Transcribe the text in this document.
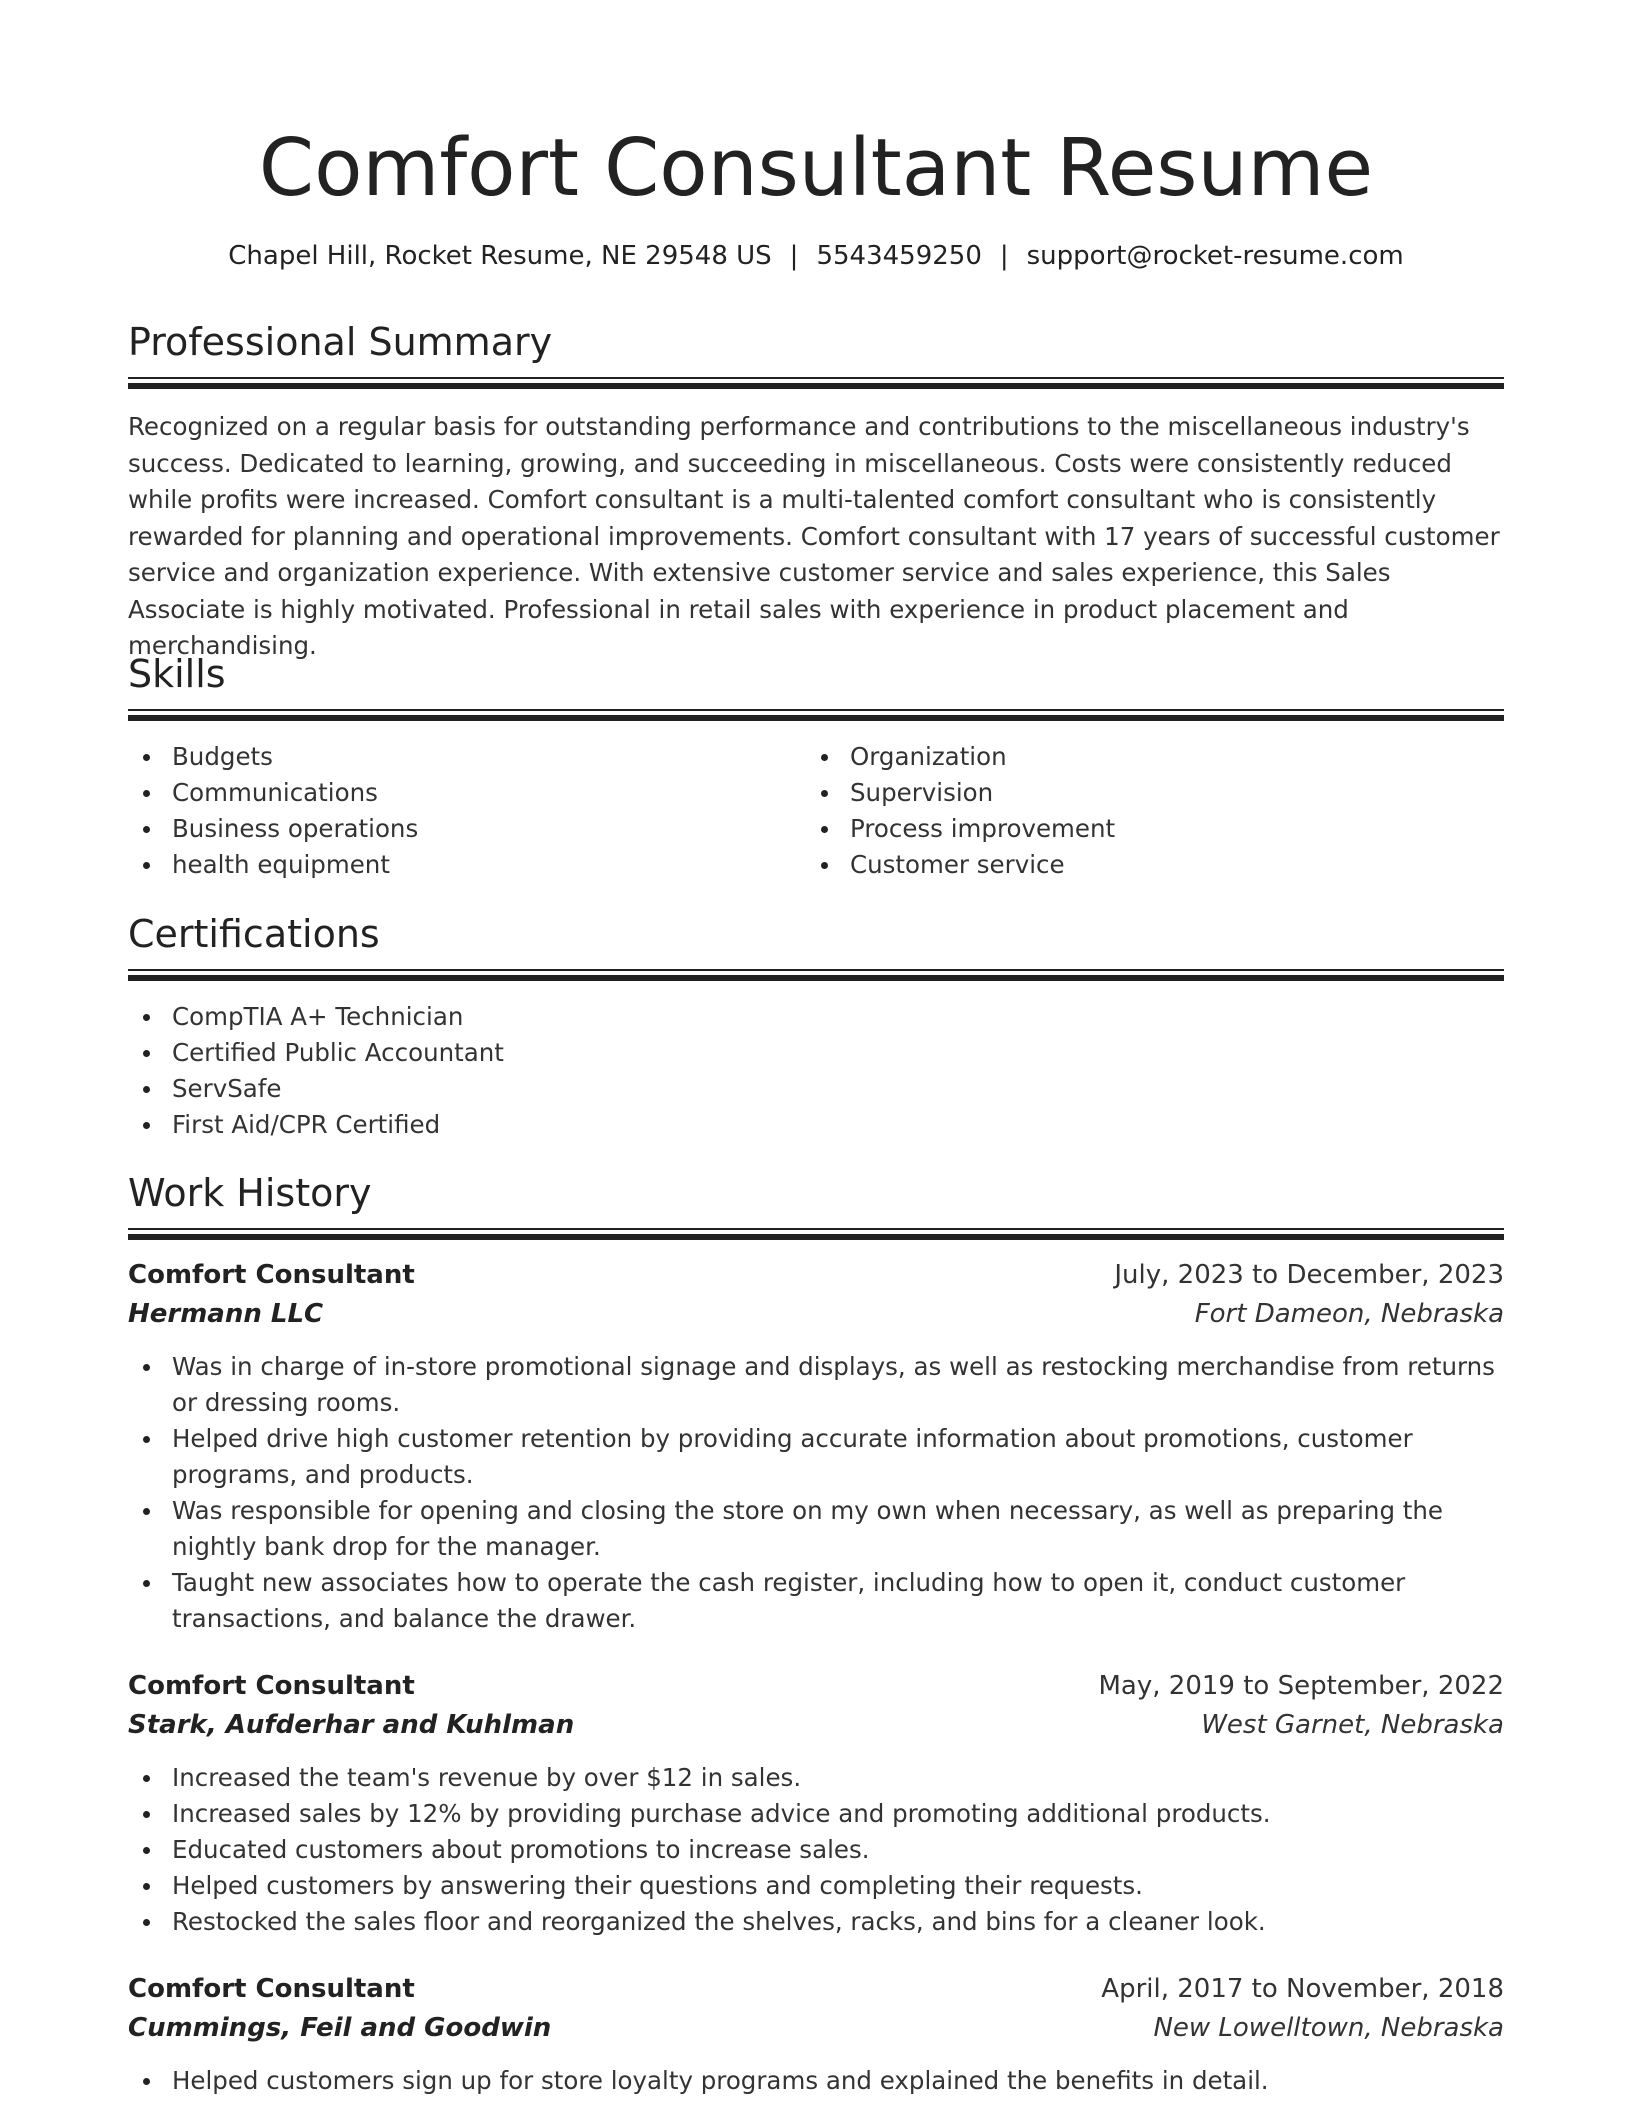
Comfort Consultant Resume
Chapel Hill, Rocket Resume, NE 29548 US | 5543459250 | support@rocket-resume.com
Professional Summary

Recognized on a regular basis for outstanding performance and contributions to the miscellaneous industry's success. Dedicated to learning, growing, and succeeding in miscellaneous. Costs were consistently reduced while profits were increased. Comfort consultant is a multi-talented comfort consultant who is consistently rewarded for planning and operational improvements. Comfort consultant with 17 years of successful customer service and organization experience. With extensive customer service and sales experience, this Sales Associate is highly motivated. Professional in retail sales with experience in product placement and merchandising.

Skills
Budgets
Communications
Business operations
health equipment
Organization
Supervision
Process improvement
Customer service
Certifications
CompTIA A+ Technician
Certified Public Accountant
ServSafe
First Aid/CPR Certified
Work History
Comfort Consultant	July, 2023 to December, 2023
Hermann LLC	Fort Dameon, Nebraska
Was in charge of in-store promotional signage and displays, as well as restocking merchandise from returns or dressing rooms.
Helped drive high customer retention by providing accurate information about promotions, customer programs, and products.
Was responsible for opening and closing the store on my own when necessary, as well as preparing the nightly bank drop for the manager.
Taught new associates how to operate the cash register, including how to open it, conduct customer transactions, and balance the drawer.
Comfort Consultant	May, 2019 to September, 2022
Stark, Aufderhar and Kuhlman	West Garnet, Nebraska
Increased the team's revenue by over $12 in sales.
Increased sales by 12% by providing purchase advice and promoting additional products.
Educated customers about promotions to increase sales.
Helped customers by answering their questions and completing their requests.
Restocked the sales floor and reorganized the shelves, racks, and bins for a cleaner look.
Comfort Consultant	April, 2017 to November, 2018
Cummings, Feil and Goodwin	New Lowelltown, Nebraska
Helped customers sign up for store loyalty programs and explained the benefits in detail.
